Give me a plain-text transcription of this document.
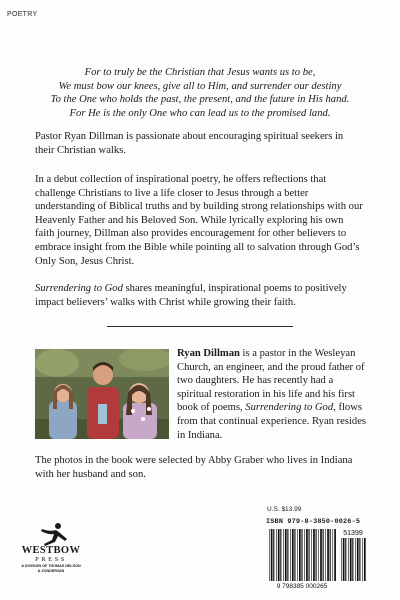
POETRY
For to truly be the Christian that Jesus wants us to be,
We must bow our knees, give all to Him, and surrender our destiny
To the One who holds the past, the present, and the future in His hand.
For He is the only One who can lead us to the promised land.
Pastor Ryan Dillman is passionate about encouraging spiritual seekers in their Christian walks.
In a debut collection of inspirational poetry, he offers reflections that challenge Christians to live a life closer to Jesus through a better understanding of Biblical truths and by building strong relationships with our Heavenly Father and his Beloved Son. While lyrically exploring his own faith journey, Dillman also provides encouragement for other believers to embrace insight from the Bible while pointing all to salvation through God’s Only Son, Jesus Christ.
Surrendering to God shares meaningful, inspirational poems to positively impact believers’ walks with Christ while growing their faith.
Ryan Dillman is a pastor in the Wesleyan Church, an engineer, and the proud father of two daughters. He has recently had a spiritual restoration in his life and his first book of poems, Surrendering to God, flows from that continual experience. Ryan resides in Indiana.
The photos in the book were selected by Abby Graber who lives in Indiana with her husband and son.
WESTBOW
PRESS
A DIVISION OF THOMAS NELSON
& ZONDERVAN
U.S. $13.99
ISBN 979-8-3850-0026-5
51399
9 798385 000265
